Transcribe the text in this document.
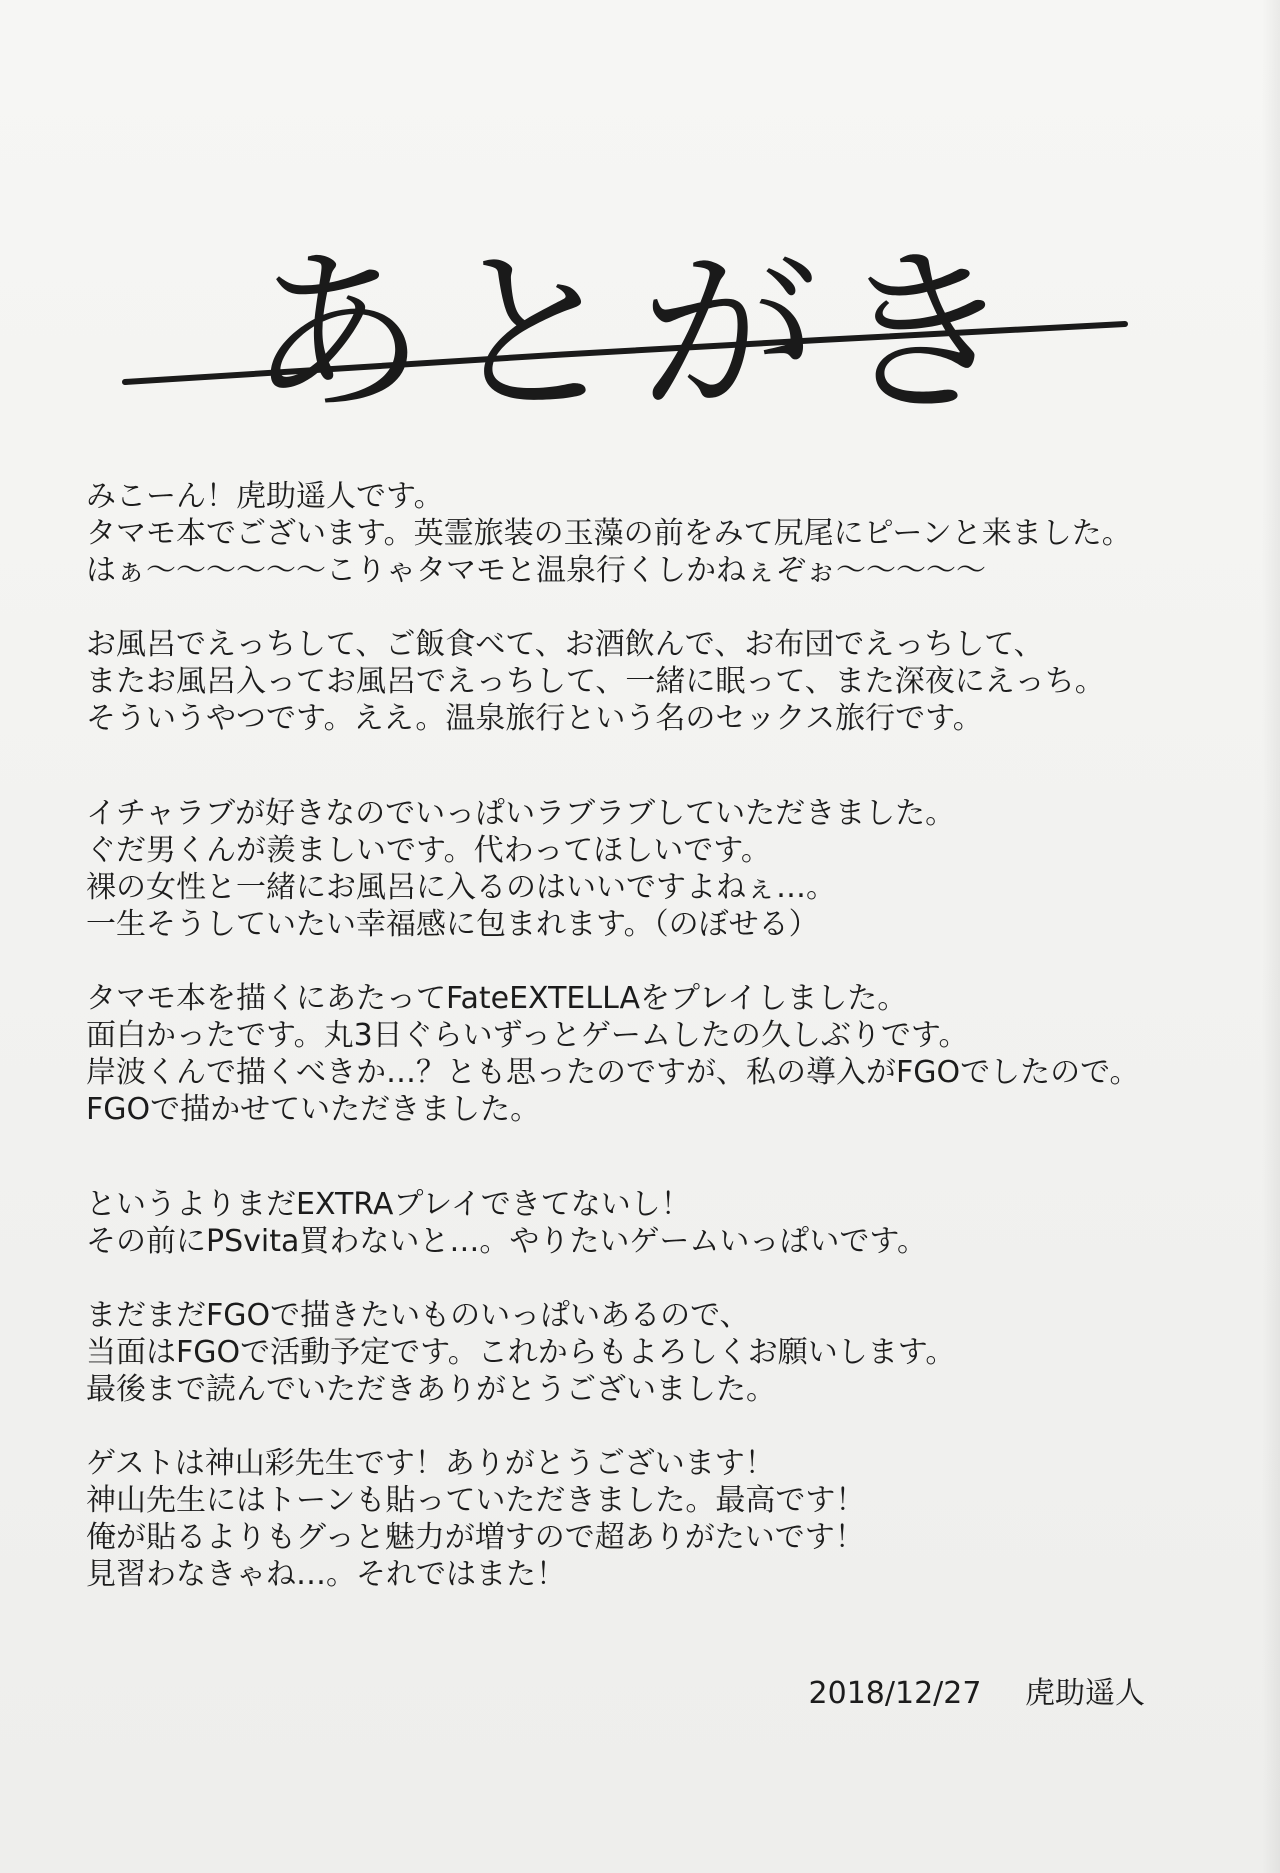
あとがき
みこーん！虎助遥人です。
タマモ本でございます。英霊旅装の玉藻の前をみて尻尾にピーンと来ました。
はぁ～～～～～～こりゃタマモと温泉行くしかねぇぞぉ～～～～～
お風呂でえっちして、ご飯食べて、お酒飲んで、お布団でえっちして、
またお風呂入ってお風呂でえっちして、一緒に眠って、また深夜にえっち。
そういうやつです。ええ。温泉旅行という名のセックス旅行です。
イチャラブが好きなのでいっぱいラブラブしていただきました。
ぐだ男くんが羨ましいです。代わってほしいです。
裸の女性と一緒にお風呂に入るのはいいですよねぇ…。
一生そうしていたい幸福感に包まれます。（のぼせる）
タマモ本を描くにあたってFateEXTELLAをプレイしました。
面白かったです。丸3日ぐらいずっとゲームしたの久しぶりです。
岸波くんで描くべきか…？とも思ったのですが、私の導入がFGOでしたので。
FGOで描かせていただきました。
というよりまだEXTRAプレイできてないし！
その前にPSvita買わないと…。やりたいゲームいっぱいです。
まだまだFGOで描きたいものいっぱいあるので、
当面はFGOで活動予定です。これからもよろしくお願いします。
最後まで読んでいただきありがとうございました。
ゲストは神山彩先生です！ありがとうございます！
神山先生にはトーンも貼っていただきました。最高です！
俺が貼るよりもグっと魅力が増すので超ありがたいです！
見習わなきゃね…。それではまた！
2018/12/27 虎助遥人
